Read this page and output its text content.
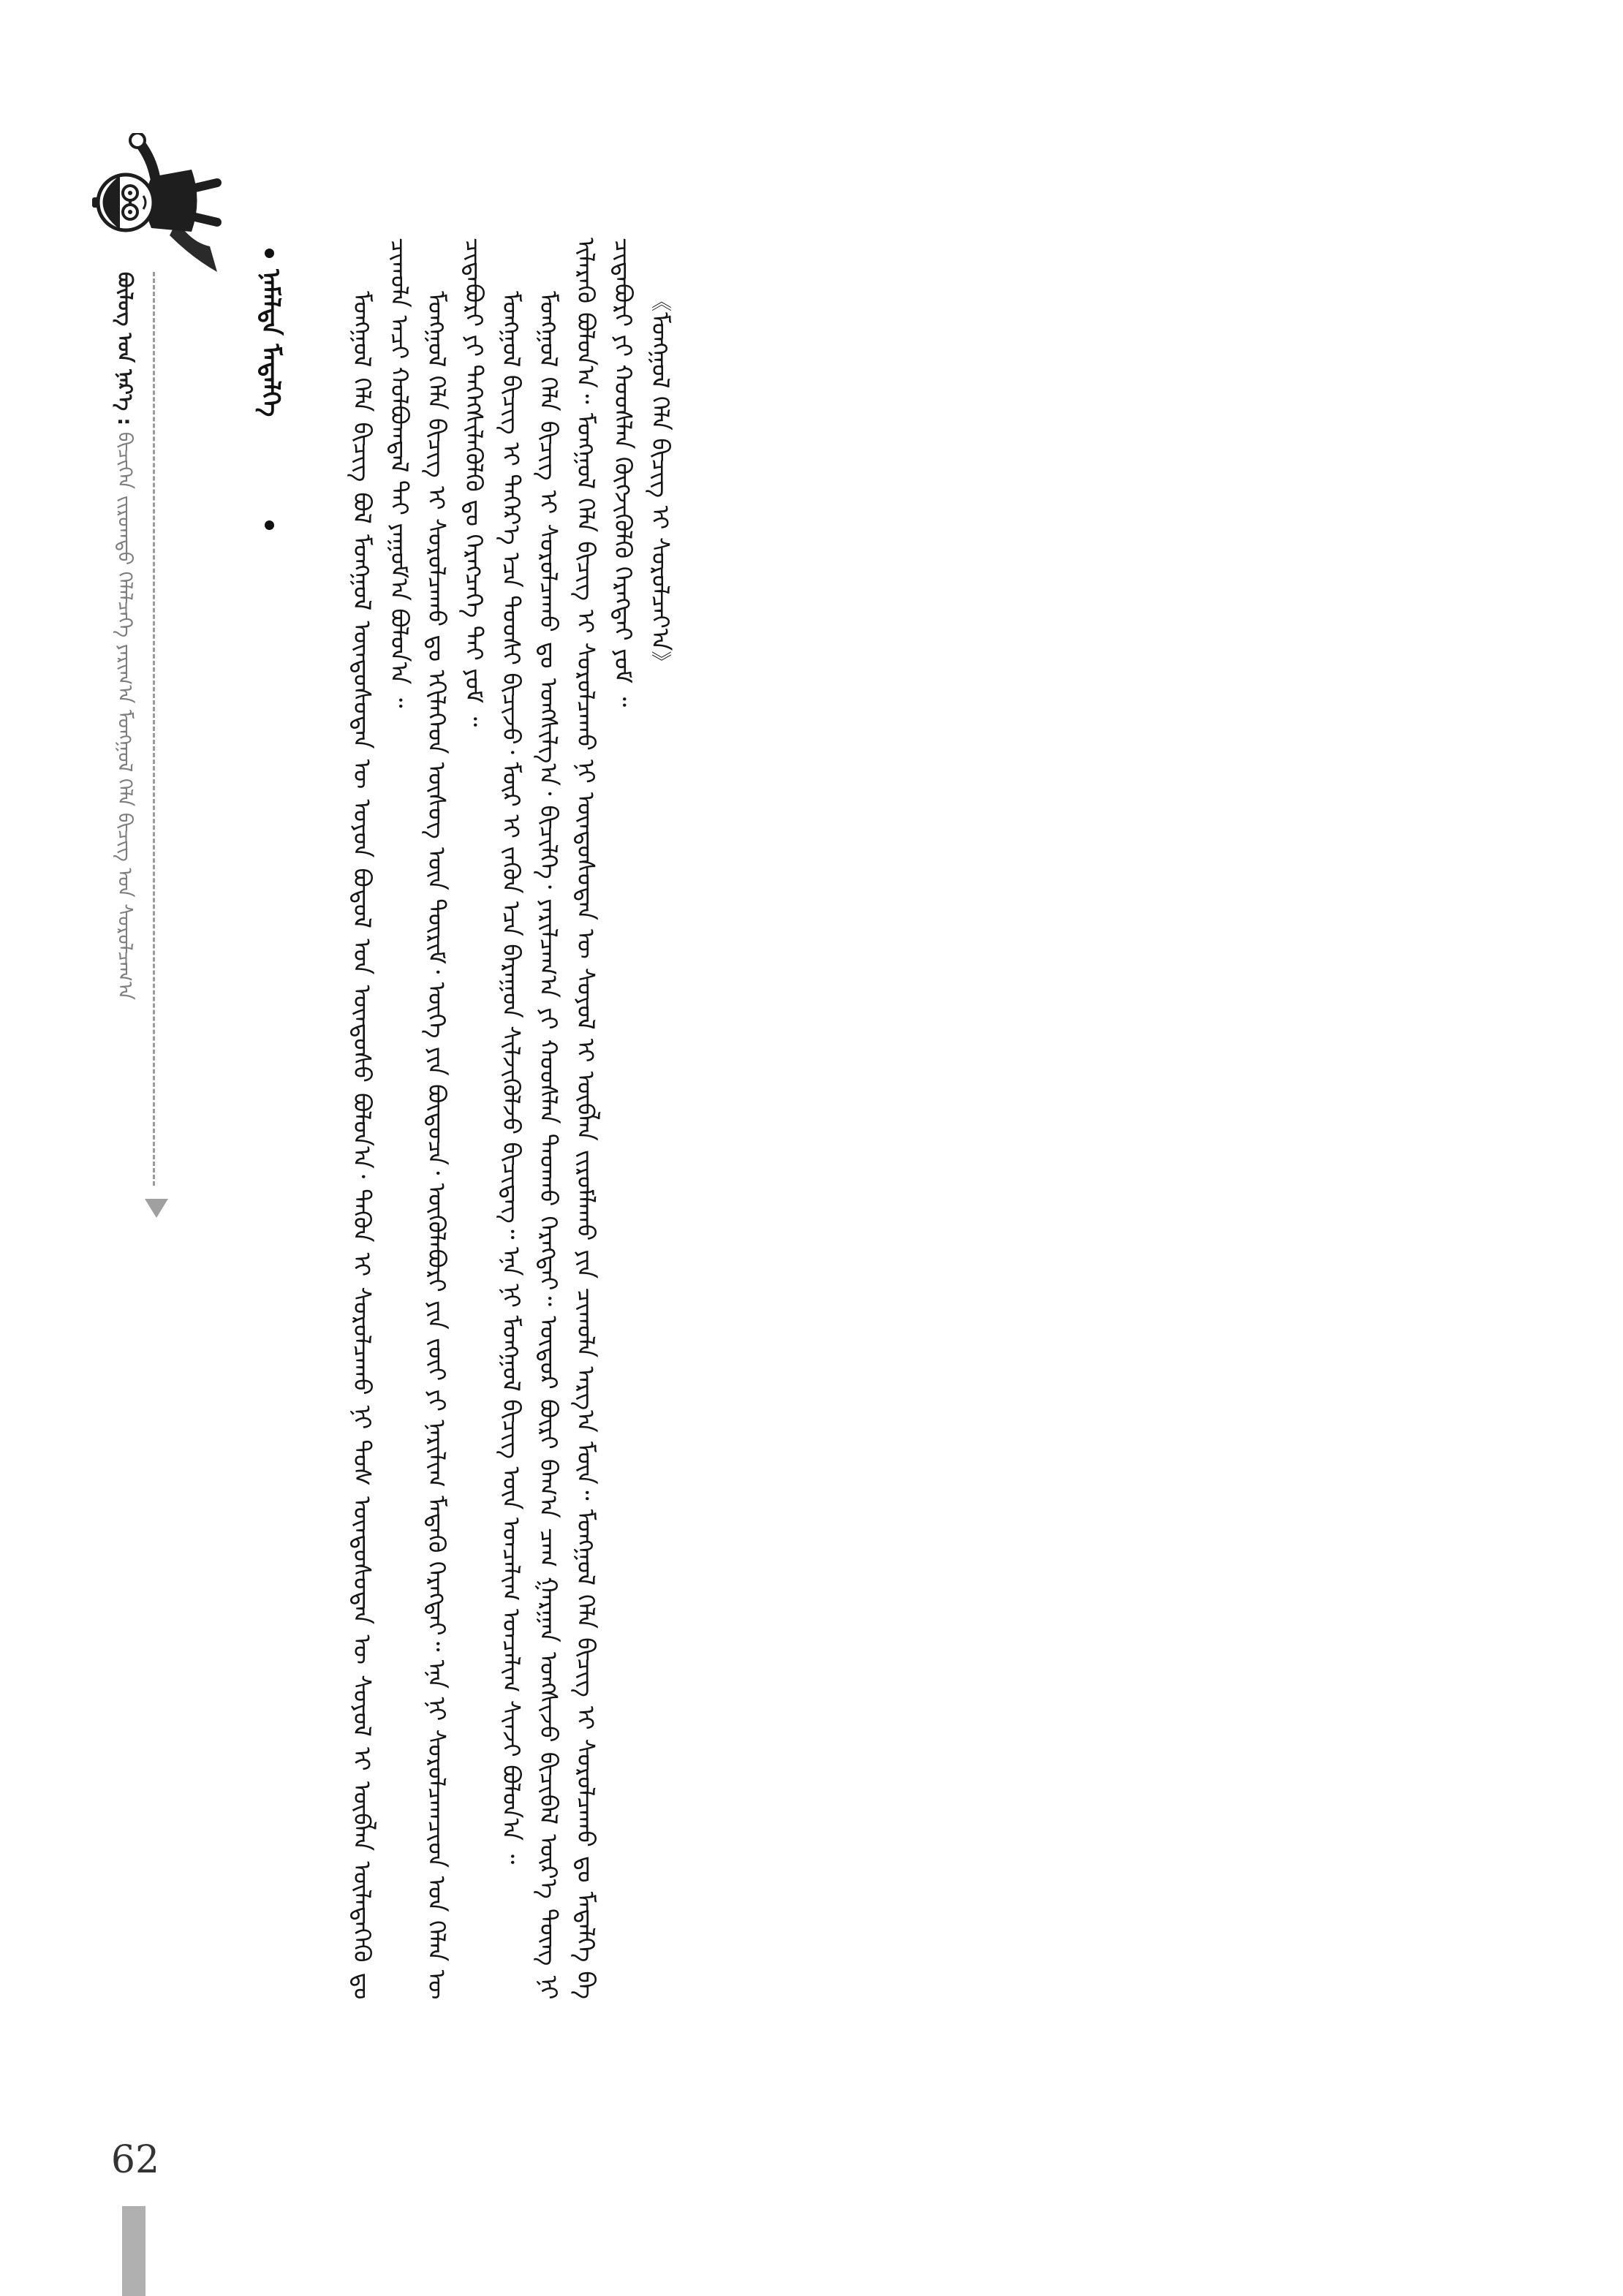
ᠪᠦᠯᠦᠭ ᠤᠨ ᠨᠡᠷ᠎ᠡ : ᠪᠢᠴᠢᠭᠡᠨ ᠵᠢᠷᠤᠭᠲᠤ ᠬᠡᠯᠡᠯᠴᠡᠭᠡ ᠶᠠᠷᠢᠭ᠎ᠠ ᠮᠣᠩᠭᠣᠯ ᠬᠡᠯᠡ ᠪᠢᠴᠢᠭ ᠤᠨ ᠰᠤᠷᠤᠯᠴᠠᠭ᠎ᠠ
ᠨᠡᠮᠡᠯᠲᠡ ᠮᠡᠳᠡᠯᠭᠡ	ᠮᠣᠩᠭᠣᠯ ᠬᠡᠯᠡ ᠪᠢᠴᠢᠭ ᠪᠣᠯ ᠮᠣᠩᠭᠣᠯ ᠦᠨᠳᠦᠰᠦᠲᠡᠨ ᠦ ᠣᠶᠤᠨ ᠪᠣᠳᠤᠯ ᠤᠨ ᠦᠨᠳᠦᠰᠦ ᠪᠣᠯᠤᠨ᠎ᠠ᠂ ᠲᠡᠭᠦᠨ ᠢ ᠰᠤᠷᠤᠯᠴᠠᠬᠤ ᠨᠢ ᠲᠤᠰ ᠦᠨᠳᠦᠰᠦᠲᠡᠨ ᠦ ᠰᠣᠶᠤᠯ ᠢ ᠥᠪᠯᠡᠨ ᠦᠯᠡᠳᠡᠭᠡᠬᠦ ᠳᠤ ᠴᠢᠬᠤᠯᠠ ᠠᠴᠢ ᠬᠤᠯᠪᠣᠭᠳᠠᠯ ᠲᠠᠢ ᠶᠠᠭᠤᠮ᠎ᠠ ᠪᠣᠯᠤᠨ᠎ᠠ ᠃ ᠮᠣᠩᠭᠣᠯ ᠬᠡᠯᠡ ᠪᠢᠴᠢᠭ ᠢ ᠰᠤᠷᠤᠯᠴᠠᠬᠤ ᠳᠤ ᠡᠬᠢᠯᠡᠭᠡᠳ ᠦᠰᠦᠭ ᠦᠨ ᠳᠦᠷᠢᠮ᠂ ᠦᠭᠡ ᠶᠢᠨ ᠪᠦᠲᠦᠴᠡ᠂ ᠦᠭᠦᠯᠡᠪᠦᠷᠢ ᠶᠢᠨ ᠵᠦᠢ ᠶᠢ ᠨᠠᠷᠢᠯᠢᠭ ᠮᠡᠳᠡᠬᠦ ᠬᠡᠷᠡᠭᠲᠡᠢ᠃ ᠡᠨᠡ ᠨᠢ ᠰᠤᠷᠤᠯᠴᠠᠭᠴᠢᠳ ᠤᠨ ᠬᠡᠯᠡᠨ ᠦ ᠴᠢᠳᠠᠪᠤᠷᠢ ᠶᠢ ᠳᠡᠭᠡᠭᠰᠢᠯᠡᠭᠦᠯᠬᠦ ᠳᠤ ᠬᠡᠷᠡᠭᠴᠡᠭᠡ ᠲᠠᠢ ᠶᠤᠮ ᠃ ᠮᠣᠩᠭᠣᠯ ᠪᠢᠴᠢᠭ ᠢ ᠳᠡᠭᠡᠷ᠎ᠡ ᠡᠴᠡ ᠳᠣᠣᠰᠢ ᠪᠢᠴᠢᠵᠦ᠂ ᠮᠥᠷ ᠢ ᠵᠡᠭᠦᠨ ᠡᠴᠡ ᠪᠠᠷᠠᠭᠤᠨ ᠰᠢᠯᠵᠢᠭᠦᠯᠵᠦ ᠪᠢᠴᠢᠳᠡᠭ᠃ ᠡᠨᠡ ᠨᠢ ᠮᠣᠩᠭᠣᠯ ᠪᠢᠴᠢᠭ ᠦᠨ ᠣᠨᠴᠠᠯᠢᠭ ᠣᠨᠴᠠᠯᠢᠭ ᠰᠢᠨᠵᠢ ᠪᠣᠯᠤᠨ᠎ᠠ ᠃ ᠮᠣᠩᠭᠣᠯ ᠬᠡᠯᠡ ᠪᠢᠴᠢᠭ ᠢ ᠰᠤᠷᠤᠯᠴᠠᠬᠤ ᠳᠤ ᠤᠩᠰᠢᠯᠭ᠎ᠠ᠂ ᠪᠢᠴᠢᠯᠭᠡ᠂ ᠶᠠᠷᠢᠯᠴᠠᠭ᠎ᠠ ᠶᠢ ᠬᠣᠣᠰᠯᠠᠨ ᠳᠠᠳᠬᠤ ᠬᠡᠷᠡᠭᠲᠡᠢ᠃ ᠥᠳᠥᠷ ᠪᠦᠷᠢ ᠪᠠᠭ᠎ᠠ ᠴᠠᠭ ᠭᠠᠷᠭᠠᠨ ᠤᠩᠰᠢᠵᠤ ᠪᠢᠴᠢᠪᠡᠯ ᠦᠷ᠎ᠡ ᠳᠦᠩ ᠨᠢ ᠢᠯᠡᠷᠡᠬᠦ ᠪᠣᠯᠤᠨ᠎ᠠ᠃ ᠮᠣᠩᠭᠣᠯ ᠬᠡᠯᠡ ᠪᠢᠴᠢᠭ ᠢ ᠰᠤᠷᠤᠯᠴᠠᠬᠤ ᠨᠢ ᠦᠨᠳᠦᠰᠦᠲᠡᠨ ᠦ ᠰᠣᠶᠤᠯ ᠢ ᠥᠪᠯᠡᠨ ᠵᠢᠷᠤᠮᠯᠠᠬᠤ ᠶᠢᠨ ᠴᠢᠬᠤᠯᠠ ᠠᠷᠭ᠎ᠠ ᠮᠥᠨ᠃ ᠮᠣᠩᠭᠣᠯ ᠬᠡᠯᠡ ᠪᠢᠴᠢᠭ ᠢ ᠰᠤᠷᠤᠯᠴᠠᠬᠤ ᠳᠤ ᠮᠡᠳᠡᠯᠭᠡ ᠪᠠ ᠴᠢᠳᠠᠪᠤᠷᠢ ᠶᠢ ᠬᠣᠣᠰᠯᠠᠨ ᠬᠥᠭᠵᠢᠭᠦᠯᠬᠦ ᠬᠡᠷᠡᠭᠲᠡᠢ ᠶᠤᠮ ᠃ 《ᠮᠣᠩᠭᠣᠯ ᠬᠡᠯᠡ ᠪᠢᠴᠢᠭ ᠢ ᠰᠤᠷᠤᠯᠴᠠᠶ᠎ᠠ》

62
